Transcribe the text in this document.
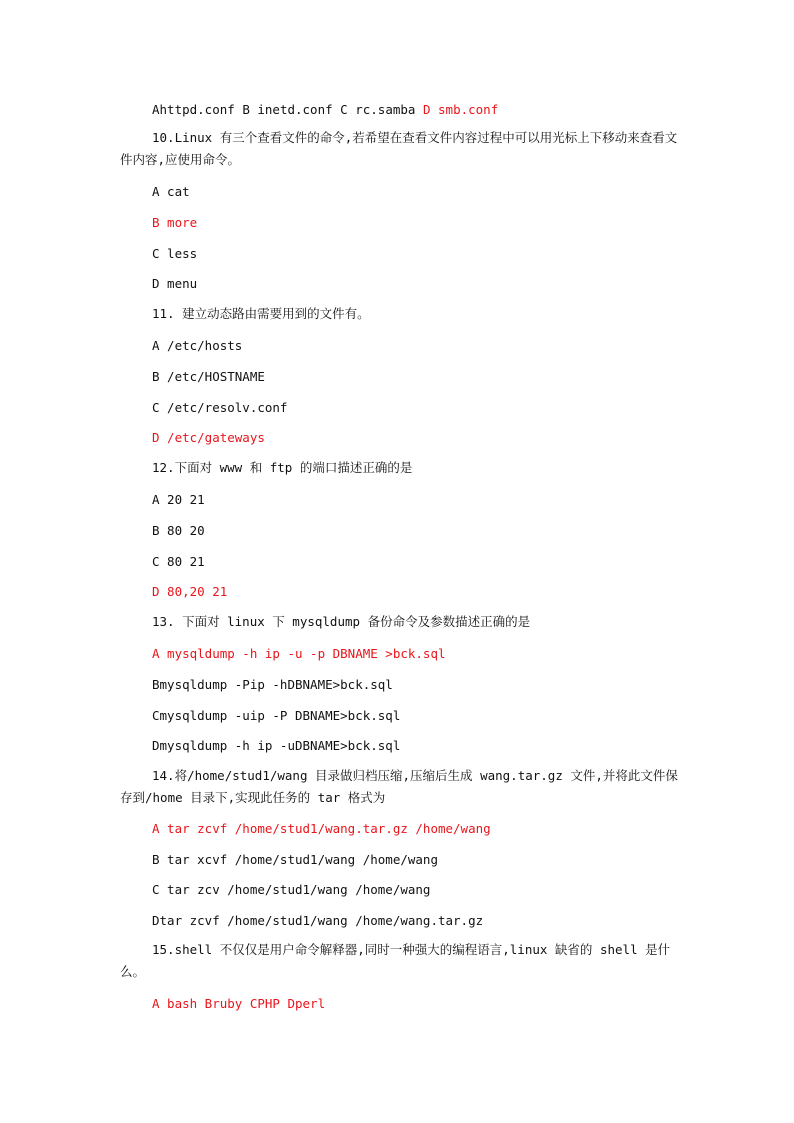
Ahttpd.conf B inetd.conf C rc.samba D smb.conf
10.Linux 有三个查看文件的命令,若希望在查看文件内容过程中可以用光标上下移动来查看文件内容,应使用命令。
A cat
B more
C less
D menu
11. 建立动态路由需要用到的文件有。
A /etc/hosts
B /etc/HOSTNAME
C /etc/resolv.conf
D /etc/gateways
12.下面对 www 和 ftp 的端口描述正确的是
A 20 21
B 80 20
C 80 21
D 80,20 21
13. 下面对 linux 下 mysqldump 备份命令及参数描述正确的是
A mysqldump -h ip -u -p DBNAME >bck.sql
Bmysqldump -Pip -hDBNAME>bck.sql
Cmysqldump -uip -P DBNAME>bck.sql
Dmysqldump -h ip -uDBNAME>bck.sql
14.将/home/stud1/wang 目录做归档压缩,压缩后生成 wang.tar.gz 文件,并将此文件保存到/home 目录下,实现此任务的 tar 格式为
A tar zcvf /home/stud1/wang.tar.gz /home/wang
B tar xcvf /home/stud1/wang /home/wang
C tar zcv /home/stud1/wang /home/wang
Dtar zcvf /home/stud1/wang /home/wang.tar.gz
15.shell 不仅仅是用户命令解释器,同时一种强大的编程语言,linux 缺省的 shell 是什么。
A bash Bruby CPHP Dperl
